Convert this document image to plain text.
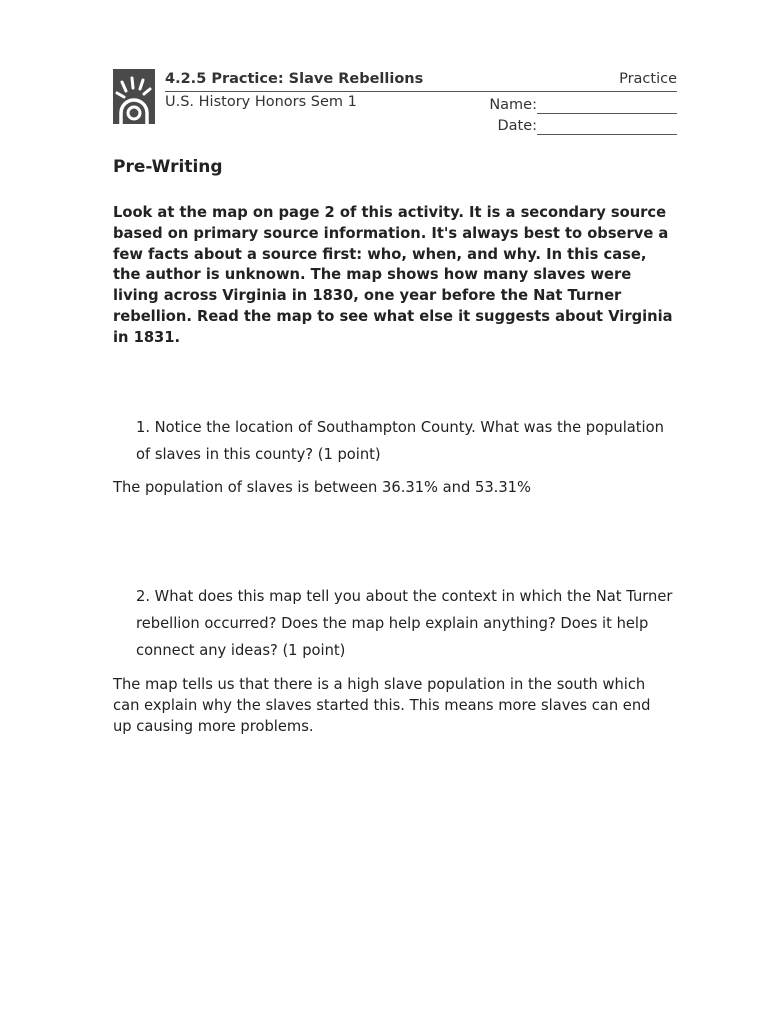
4.2.5 Practice: Slave Rebellions	Practice
U.S. History Honors Sem 1	Name:
Date:
Pre-Writing
Look at the map on page 2 of this activity. It is a secondary source based on primary source information. It's always best to observe a few facts about a source first: who, when, and why. In this case, the author is unknown. The map shows how many slaves were living across Virginia in 1830, one year before the Nat Turner rebellion. Read the map to see what else it suggests about Virginia in 1831.
1. Notice the location of Southampton County. What was the population of slaves in this county? (1 point)
The population of slaves is between 36.31% and 53.31%
2. What does this map tell you about the context in which the Nat Turner rebellion occurred? Does the map help explain anything? Does it help connect any ideas? (1 point)
The map tells us that there is a high slave population in the south which can explain why the slaves started this. This means more slaves can end up causing more problems.
